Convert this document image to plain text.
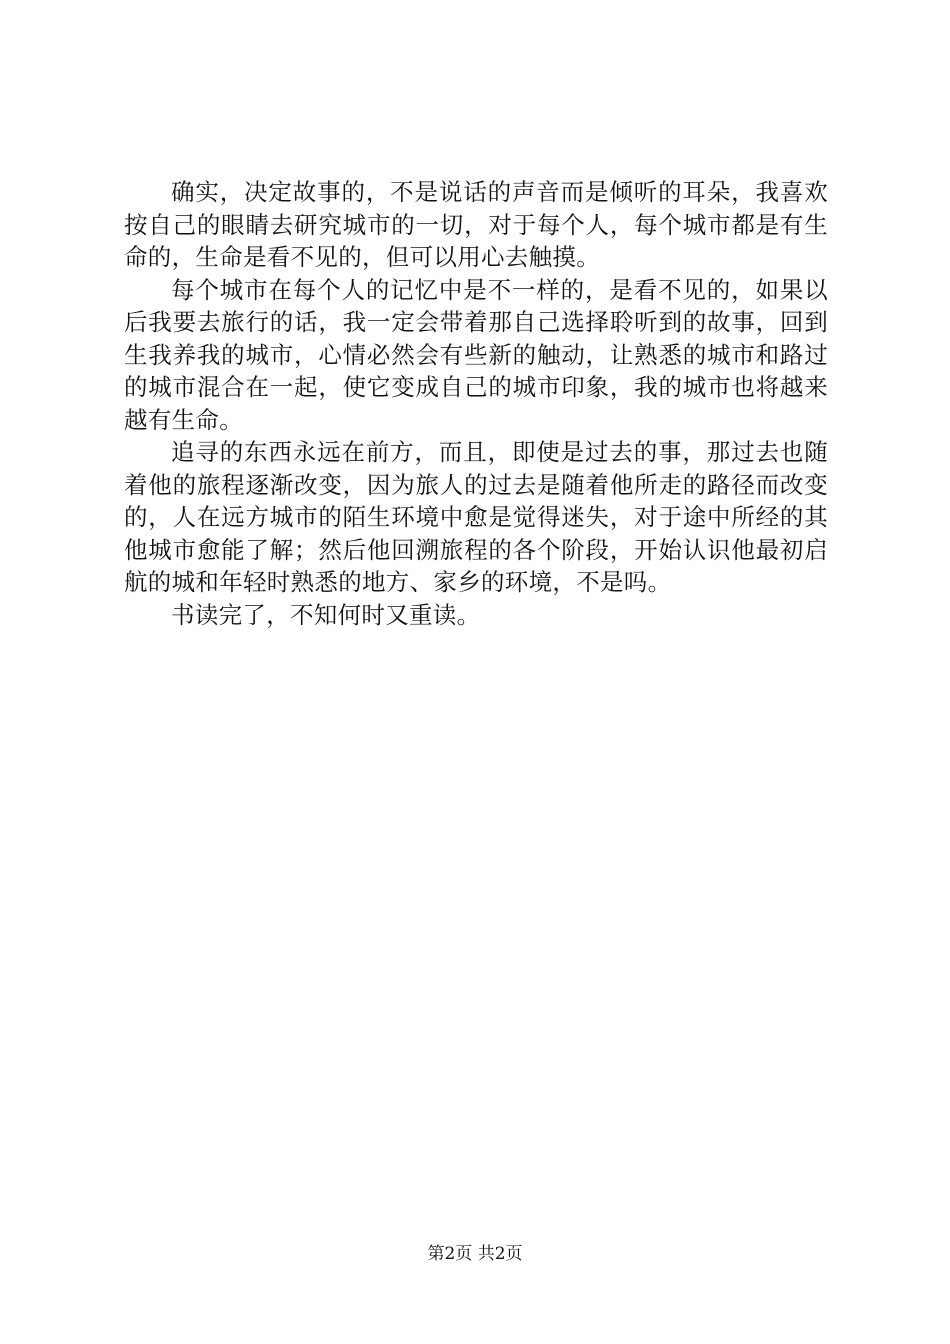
确实，决定故事的，不是说话的声音而是倾听的耳朵，我喜欢按自己的眼睛去研究城市的一切，对于每个人，每个城市都是有生命的，生命是看不见的，但可以用心去触摸。

每个城市在每个人的记忆中是不一样的，是看不见的，如果以后我要去旅行的话，我一定会带着那自己选择聆听到的故事，回到生我养我的城市，心情必然会有些新的触动，让熟悉的城市和路过的城市混合在一起，使它变成自己的城市印象，我的城市也将越来越有生命。

追寻的东西永远在前方，而且，即使是过去的事，那过去也随着他的旅程逐渐改变，因为旅人的过去是随着他所走的路径而改变的，人在远方城市的陌生环境中愈是觉得迷失，对于途中所经的其他城市愈能了解；然后他回溯旅程的各个阶段，开始认识他最初启航的城和年轻时熟悉的地方、家乡的环境，不是吗。

书读完了，不知何时又重读。

第2页 共2页
